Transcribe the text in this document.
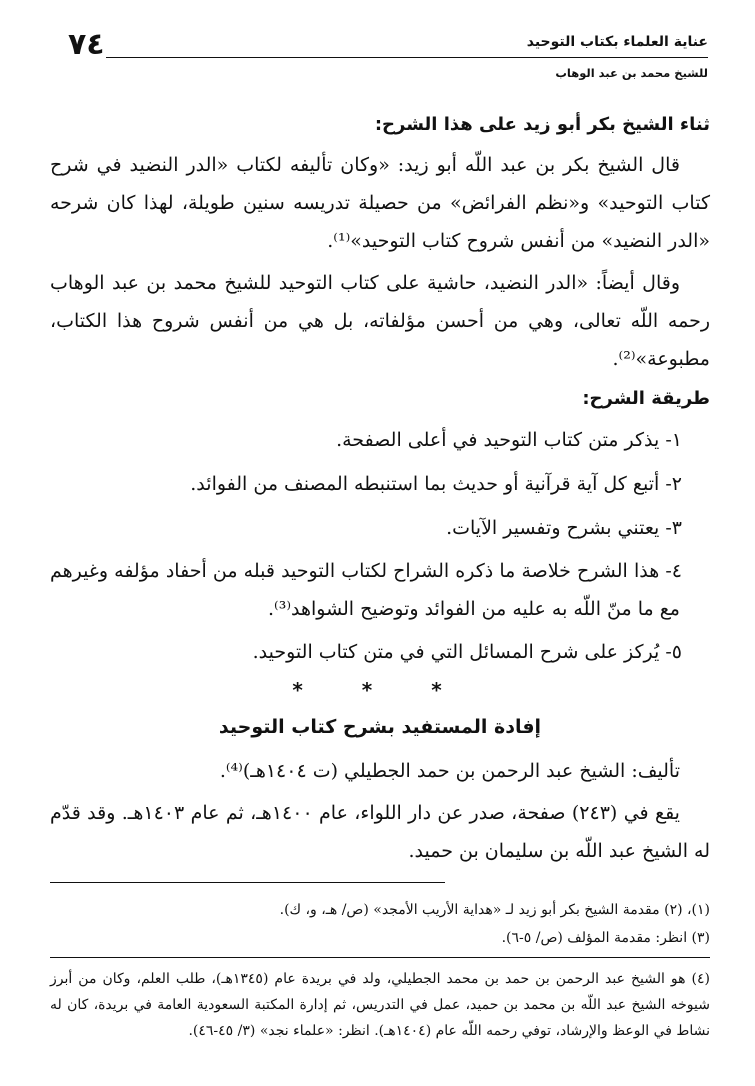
٧٤	عناية العلماء بكتاب التوحيد
للشيخ محمد بن عبد الوهاب
ثناء الشيخ بكر أبو زيد على هذا الشرح:

قال الشيخ بكر بن عبد اللّه أبو زيد: «وكان تأليفه لكتاب «الدر النضيد في شرح كتاب التوحيد» و«نظم الفرائض» من حصيلة تدريسه سنين طويلة، لهذا كان شرحه «الدر النضيد» من أنفس شروح كتاب التوحيد»⁽¹⁾.

وقال أيضاً: «الدر النضيد، حاشية على كتاب التوحيد للشيخ محمد بن عبد الوهاب رحمه اللّه تعالى، وهي من أحسن مؤلفاته، بل هي من أنفس شروح هذا الكتاب، مطبوعة»⁽²⁾.

طريقة الشرح:
١- يذكر متن كتاب التوحيد في أعلى الصفحة.
٢- أتبع كل آية قرآنية أو حديث بما استنبطه المصنف من الفوائد.
٣- يعتني بشرح وتفسير الآيات.
٤- هذا الشرح خلاصة ما ذكره الشراح لكتاب التوحيد قبله من أحفاد مؤلفه وغيرهم مع ما منّ اللّه به عليه من الفوائد وتوضيح الشواهد⁽³⁾.
٥- يُركز على شرح المسائل التي في متن كتاب التوحيد.
* * *
إفادة المستفيد بشرح كتاب التوحيد

تأليف: الشيخ عبد الرحمن بن حمد الجطيلي (ت ١٤٠٤هـ)⁽⁴⁾.

يقع في (٢٤٣) صفحة، صدر عن دار اللواء، عام ١٤٠٠هـ، ثم عام ١٤٠٣هـ. وقد قدّم له الشيخ عبد اللّه بن سليمان بن حميد.

(١)، (٢) مقدمة الشيخ بكر أبو زيد لـ «هداية الأريب الأمجد» (ص/ هـ، و، ك).

(٣) انظر: مقدمة المؤلف (ص/ ٥-٦).

(٤) هو الشيخ عبد الرحمن بن حمد بن محمد الجطيلي، ولد في بريدة عام (١٣٤٥هـ)، طلب العلم، وكان من أبرز شيوخه الشيخ عبد اللّه بن محمد بن حميد، عمل في التدريس، ثم إدارة المكتبة السعودية العامة في بريدة، كان له نشاط في الوعظ والإرشاد، توفي رحمه اللّه عام (١٤٠٤هـ). انظر: «علماء نجد» (٣/ ٤٥-٤٦).
